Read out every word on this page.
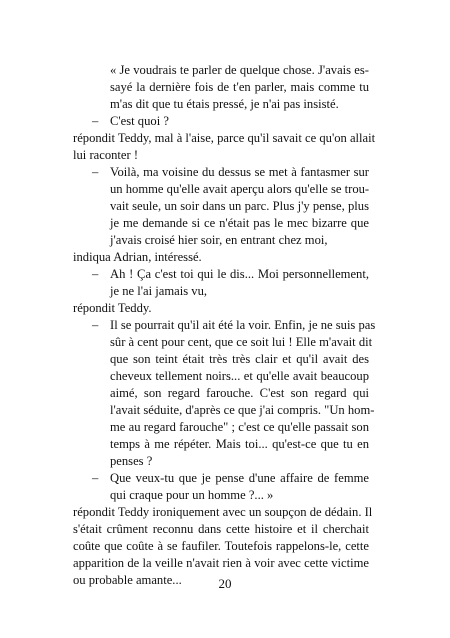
« Je voudrais te parler de quelque chose. J'avais es-
sayé la dernière fois de t'en parler, mais comme tu
m'as dit que tu étais pressé, je n'ai pas insisté.
C'est quoi ?
–
répondit Teddy, mal à l'aise, parce qu'il savait ce qu'on allait
lui raconter !
Voilà, ma voisine du dessus se met à fantasmer sur
–
un homme qu'elle avait aperçu alors qu'elle se trou-
vait seule, un soir dans un parc. Plus j'y pense, plus
je me demande si ce n'était pas le mec bizarre que
j'avais croisé hier soir, en entrant chez moi,
indiqua Adrian, intéressé.
Ah ! Ça c'est toi qui le dis... Moi personnellement,
–
je ne l'ai jamais vu,
répondit Teddy.
Il se pourrait qu'il ait été la voir. Enfin, je ne suis pas
–
sûr à cent pour cent, que ce soit lui ! Elle m'avait dit
que son teint était très très clair et qu'il avait des
cheveux tellement noirs... et qu'elle avait beaucoup
aimé, son regard farouche. C'est son regard qui
l'avait séduite, d'après ce que j'ai compris. "Un hom-
me au regard farouche" ; c'est ce qu'elle passait son
temps à me répéter. Mais toi... qu'est-ce que tu en
penses ?
Que veux-tu que je pense d'une affaire de femme
–
qui craque pour un homme ?... »
répondit Teddy ironiquement avec un soupçon de dédain. Il
s'était crûment reconnu dans cette histoire et il cherchait
coûte que coûte à se faufiler. Toutefois rappelons-le, cette
apparition de la veille n'avait rien à voir avec cette victime
ou probable amante...	20
